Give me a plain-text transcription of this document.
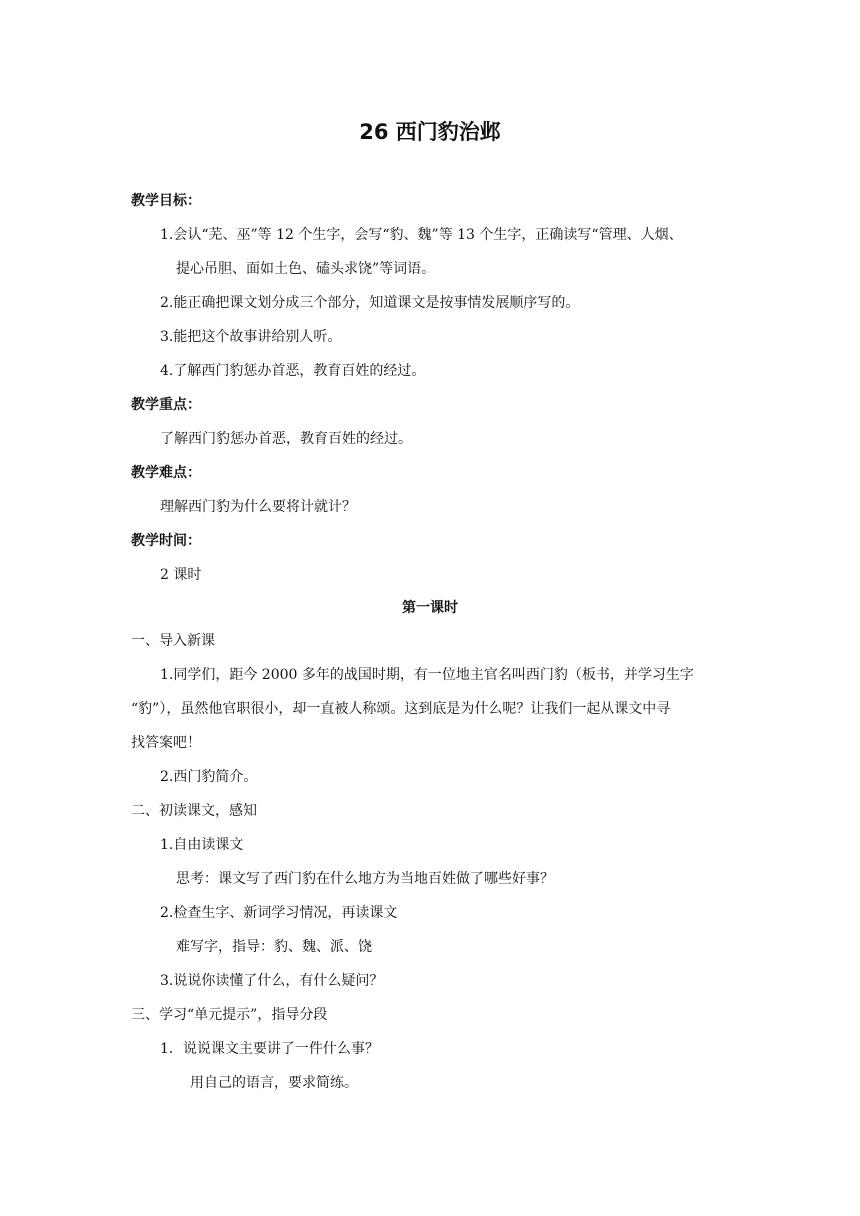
26 西门豹治邺
教学目标：
1.会认“芜、巫”等 12 个生字，会写“豹、魏”等 13 个生字，正确读写“管理、人烟、
提心吊胆、面如土色、磕头求饶”等词语。
2.能正确把课文划分成三个部分，知道课文是按事情发展顺序写的。
3.能把这个故事讲给别人听。
4.了解西门豹惩办首恶，教育百姓的经过。
教学重点：
了解西门豹惩办首恶，教育百姓的经过。
教学难点：
理解西门豹为什么要将计就计？
教学时间：
2 课时
第一课时
一、导入新课
1.同学们，距今 2000 多年的战国时期，有一位地主官名叫西门豹（板书，并学习生字
“豹”），虽然他官职很小，却一直被人称颂。这到底是为什么呢？让我们一起从课文中寻
找答案吧！
2.西门豹简介。
二、初读课文，感知
1.自由读课文
思考：课文写了西门豹在什么地方为当地百姓做了哪些好事？
2.检查生字、新词学习情况，再读课文
难写字，指导：豹、魏、派、饶
3.说说你读懂了什么，有什么疑问？
三、学习“单元提示”，指导分段
1．说说课文主要讲了一件什么事？
用自己的语言，要求简练。
